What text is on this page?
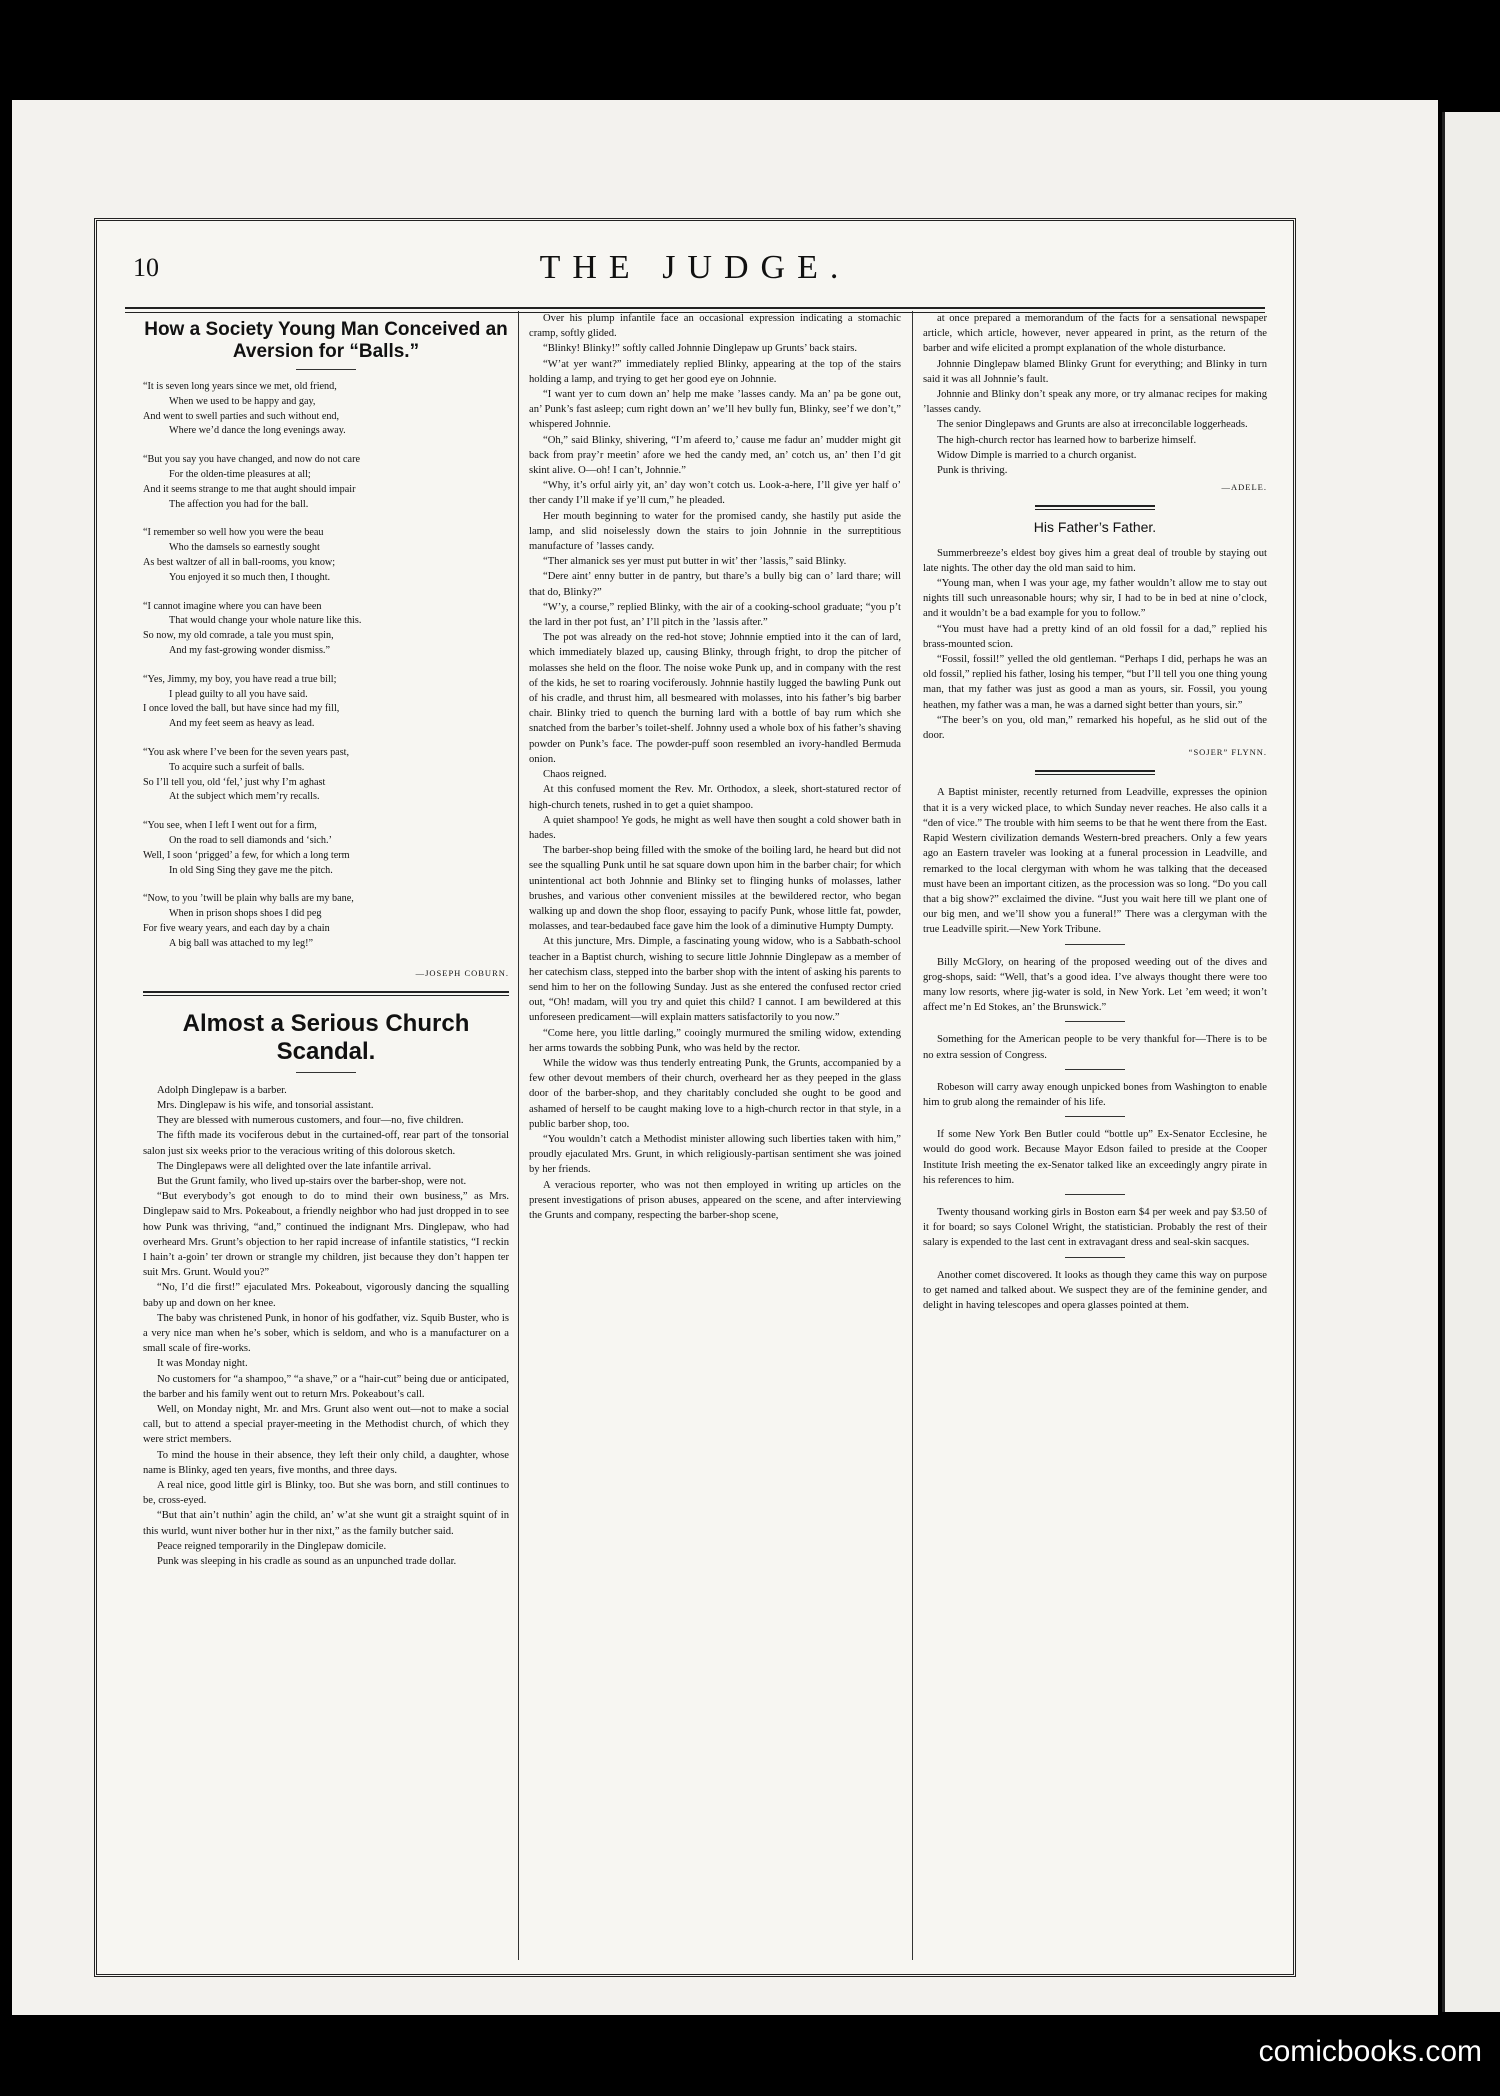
10	THE JUDGE.
How a Society Young Man Conceived an Aversion for “Balls.”
“It is seven long years since we met, old friend,
When we used to be happy and gay,
And went to swell parties and such without end,
Where we’d dance the long evenings away.
“But you say you have changed, and now do not care
For the olden-time pleasures at all;
And it seems strange to me that aught should impair
The affection you had for the ball.
“I remember so well how you were the beau
Who the damsels so earnestly sought
As best waltzer of all in ball-rooms, you know;
You enjoyed it so much then, I thought.
“I cannot imagine where you can have been
That would change your whole nature like this.
So now, my old comrade, a tale you must spin,
And my fast-growing wonder dismiss.”
“Yes, Jimmy, my boy, you have read a true bill;
I plead guilty to all you have said.
I once loved the ball, but have since had my fill,
And my feet seem as heavy as lead.
“You ask where I’ve been for the seven years past,
To acquire such a surfeit of balls.
So I’ll tell you, old ‘fel,’ just why I’m aghast
At the subject which mem’ry recalls.
“You see, when I left I went out for a firm,
On the road to sell diamonds and ‘sich.’
Well, I soon ‘prigged’ a few, for which a long term
In old Sing Sing they gave me the pitch.
“Now, to you ’twill be plain why balls are my bane,
When in prison shops shoes I did peg
For five weary years, and each day by a chain
A big ball was attached to my leg!”
—JOSEPH COBURN.
Almost a Serious Church Scandal.

Adolph Dinglepaw is a barber.

Mrs. Dinglepaw is his wife, and tonsorial assistant.

They are blessed with numerous customers, and four—no, five children.

The fifth made its vociferous debut in the curtained-off, rear part of the tonsorial salon just six weeks prior to the veracious writing of this dolorous sketch.

The Dinglepaws were all delighted over the late infantile arrival.

But the Grunt family, who lived up-stairs over the barber-shop, were not.

“But everybody’s got enough to do to mind their own business,” as Mrs. Dinglepaw said to Mrs. Pokeabout, a friendly neighbor who had just dropped in to see how Punk was thriving, “and,” continued the indignant Mrs. Dinglepaw, who had overheard Mrs. Grunt’s objection to her rapid increase of infantile statistics, “I reckin I hain’t a-goin’ ter drown or strangle my children, jist because they don’t happen ter suit Mrs. Grunt. Would you?”

“No, I’d die first!” ejaculated Mrs. Pokeabout, vigorously dancing the squalling baby up and down on her knee.

The baby was christened Punk, in honor of his godfather, viz. Squib Buster, who is a very nice man when he’s sober, which is seldom, and who is a manufacturer on a small scale of fire-works.

It was Monday night.

No customers for “a shampoo,” “a shave,” or a “hair-cut” being due or anticipated, the barber and his family went out to return Mrs. Pokeabout’s call.

Well, on Monday night, Mr. and Mrs. Grunt also went out—not to make a social call, but to attend a special prayer-meeting in the Methodist church, of which they were strict members.

To mind the house in their absence, they left their only child, a daughter, whose name is Blinky, aged ten years, five months, and three days.

A real nice, good little girl is Blinky, too. But she was born, and still continues to be, cross-eyed.

“But that ain’t nuthin’ agin the child, an’ w’at she wunt git a straight squint of in this wurld, wunt niver bother hur in ther nixt,” as the family butcher said.

Peace reigned temporarily in the Dinglepaw domicile.

Punk was sleeping in his cradle as sound as an unpunched trade dollar.

Over his plump infantile face an occasional expression indicating a stomachic cramp, softly glided.

“Blinky! Blinky!” softly called Johnnie Dinglepaw up Grunts’ back stairs.

“W’at yer want?” immediately replied Blinky, appearing at the top of the stairs holding a lamp, and trying to get her good eye on Johnnie.

“I want yer to cum down an’ help me make ’lasses candy. Ma an’ pa be gone out, an’ Punk’s fast asleep; cum right down an’ we’ll hev bully fun, Blinky, see’f we don’t,” whispered Johnnie.

“Oh,” said Blinky, shivering, “I’m afeerd to,’ cause me fadur an’ mudder might git back from pray’r meetin’ afore we hed the candy med, an’ cotch us, an’ then I’d git skint alive. O—oh! I can’t, Johnnie.”

“Why, it’s orful airly yit, an’ day won’t cotch us. Look-a-here, I’ll give yer half o’ ther candy I’ll make if ye’ll cum,” he pleaded.

Her mouth beginning to water for the promised candy, she hastily put aside the lamp, and slid noiselessly down the stairs to join Johnnie in the surreptitious manufacture of ’lasses candy.

“Ther almanick ses yer must put butter in wit’ ther ’lassis,” said Blinky.

“Dere aint’ enny butter in de pantry, but thare’s a bully big can o’ lard thare; will that do, Blinky?”

“W’y, a course,” replied Blinky, with the air of a cooking-school graduate; “you p’t the lard in ther pot fust, an’ I’ll pitch in the ’lassis after.”

The pot was already on the red-hot stove; Johnnie emptied into it the can of lard, which immediately blazed up, causing Blinky, through fright, to drop the pitcher of molasses she held on the floor. The noise woke Punk up, and in company with the rest of the kids, he set to roaring vociferously. Johnnie hastily lugged the bawling Punk out of his cradle, and thrust him, all besmeared with molasses, into his father’s big barber chair. Blinky tried to quench the burning lard with a bottle of bay rum which she snatched from the barber’s toilet-shelf. Johnny used a whole box of his father’s shaving powder on Punk’s face. The powder-puff soon resembled an ivory-handled Bermuda onion.

Chaos reigned.

At this confused moment the Rev. Mr. Orthodox, a sleek, short-statured rector of high-church tenets, rushed in to get a quiet shampoo.

A quiet shampoo! Ye gods, he might as well have then sought a cold shower bath in hades.

The barber-shop being filled with the smoke of the boiling lard, he heard but did not see the squalling Punk until he sat square down upon him in the barber chair; for which unintentional act both Johnnie and Blinky set to flinging hunks of molasses, lather brushes, and various other convenient missiles at the bewildered rector, who began walking up and down the shop floor, essaying to pacify Punk, whose little fat, powder, molasses, and tear-bedaubed face gave him the look of a diminutive Humpty Dumpty.

At this juncture, Mrs. Dimple, a fascinating young widow, who is a Sabbath-school teacher in a Baptist church, wishing to secure little Johnnie Dinglepaw as a member of her catechism class, stepped into the barber shop with the intent of asking his parents to send him to her on the following Sunday. Just as she entered the confused rector cried out, “Oh! madam, will you try and quiet this child? I cannot. I am bewildered at this unforeseen predicament—will explain matters satisfactorily to you now.”

“Come here, you little darling,” cooingly murmured the smiling widow, extending her arms towards the sobbing Punk, who was held by the rector.

While the widow was thus tenderly entreating Punk, the Grunts, accompanied by a few other devout members of their church, overheard her as they peeped in the glass door of the barber-shop, and they charitably concluded she ought to be good and ashamed of herself to be caught making love to a high-church rector in that style, in a public barber shop, too.

“You wouldn’t catch a Methodist minister allowing such liberties taken with him,” proudly ejaculated Mrs. Grunt, in which religiously-partisan sentiment she was joined by her friends.

A veracious reporter, who was not then employed in writing up articles on the present investigations of prison abuses, appeared on the scene, and after interviewing the Grunts and company, respecting the barber-shop scene,

at once prepared a memorandum of the facts for a sensational newspaper article, which article, however, never appeared in print, as the return of the barber and wife elicited a prompt explanation of the whole disturbance.

Johnnie Dinglepaw blamed Blinky Grunt for everything; and Blinky in turn said it was all Johnnie’s fault.

Johnnie and Blinky don’t speak any more, or try almanac recipes for making ’lasses candy.

The senior Dinglepaws and Grunts are also at irreconcilable loggerheads.

The high-church rector has learned how to barberize himself.

Widow Dimple is married to a church organist.

Punk is thriving.

—ADELE.
His Father’s Father.

Summerbreeze’s eldest boy gives him a great deal of trouble by staying out late nights. The other day the old man said to him.

“Young man, when I was your age, my father wouldn’t allow me to stay out nights till such unreasonable hours; why sir, I had to be in bed at nine o’clock, and it wouldn’t be a bad example for you to follow.”

“You must have had a pretty kind of an old fossil for a dad,” replied his brass-mounted scion.

“Fossil, fossil!” yelled the old gentleman. “Perhaps I did, perhaps he was an old fossil,” replied his father, losing his temper, “but I’ll tell you one thing young man, that my father was just as good a man as yours, sir. Fossil, you young heathen, my father was a man, he was a darned sight better than yours, sir.”

“The beer’s on you, old man,” remarked his hopeful, as he slid out of the door.

“SOJER” FLYNN.

A Baptist minister, recently returned from Leadville, expresses the opinion that it is a very wicked place, to which Sunday never reaches. He also calls it a “den of vice.” The trouble with him seems to be that he went there from the East. Rapid Western civilization demands Western-bred preachers. Only a few years ago an Eastern traveler was looking at a funeral procession in Leadville, and remarked to the local clergyman with whom he was talking that the deceased must have been an important citizen, as the procession was so long. “Do you call that a big show?” exclaimed the divine. “Just you wait here till we plant one of our big men, and we’ll show you a funeral!” There was a clergyman with the true Leadville spirit.—New York Tribune.

Billy McGlory, on hearing of the proposed weeding out of the dives and grog-shops, said: “Well, that’s a good idea. I’ve always thought there were too many low resorts, where jig-water is sold, in New York. Let ’em weed; it won’t affect me’n Ed Stokes, an’ the Brunswick.”

Something for the American people to be very thankful for—There is to be no extra session of Congress.

Robeson will carry away enough unpicked bones from Washington to enable him to grub along the remainder of his life.

If some New York Ben Butler could “bottle up” Ex-Senator Ecclesine, he would do good work. Because Mayor Edson failed to preside at the Cooper Institute Irish meeting the ex-Senator talked like an exceedingly angry pirate in his references to him.

Twenty thousand working girls in Boston earn $4 per week and pay $3.50 of it for board; so says Colonel Wright, the statistician. Probably the rest of their salary is expended to the last cent in extravagant dress and seal-skin sacques.

Another comet discovered. It looks as though they came this way on purpose to get named and talked about. We suspect they are of the feminine gender, and delight in having telescopes and opera glasses pointed at them.

comicbooks.com
